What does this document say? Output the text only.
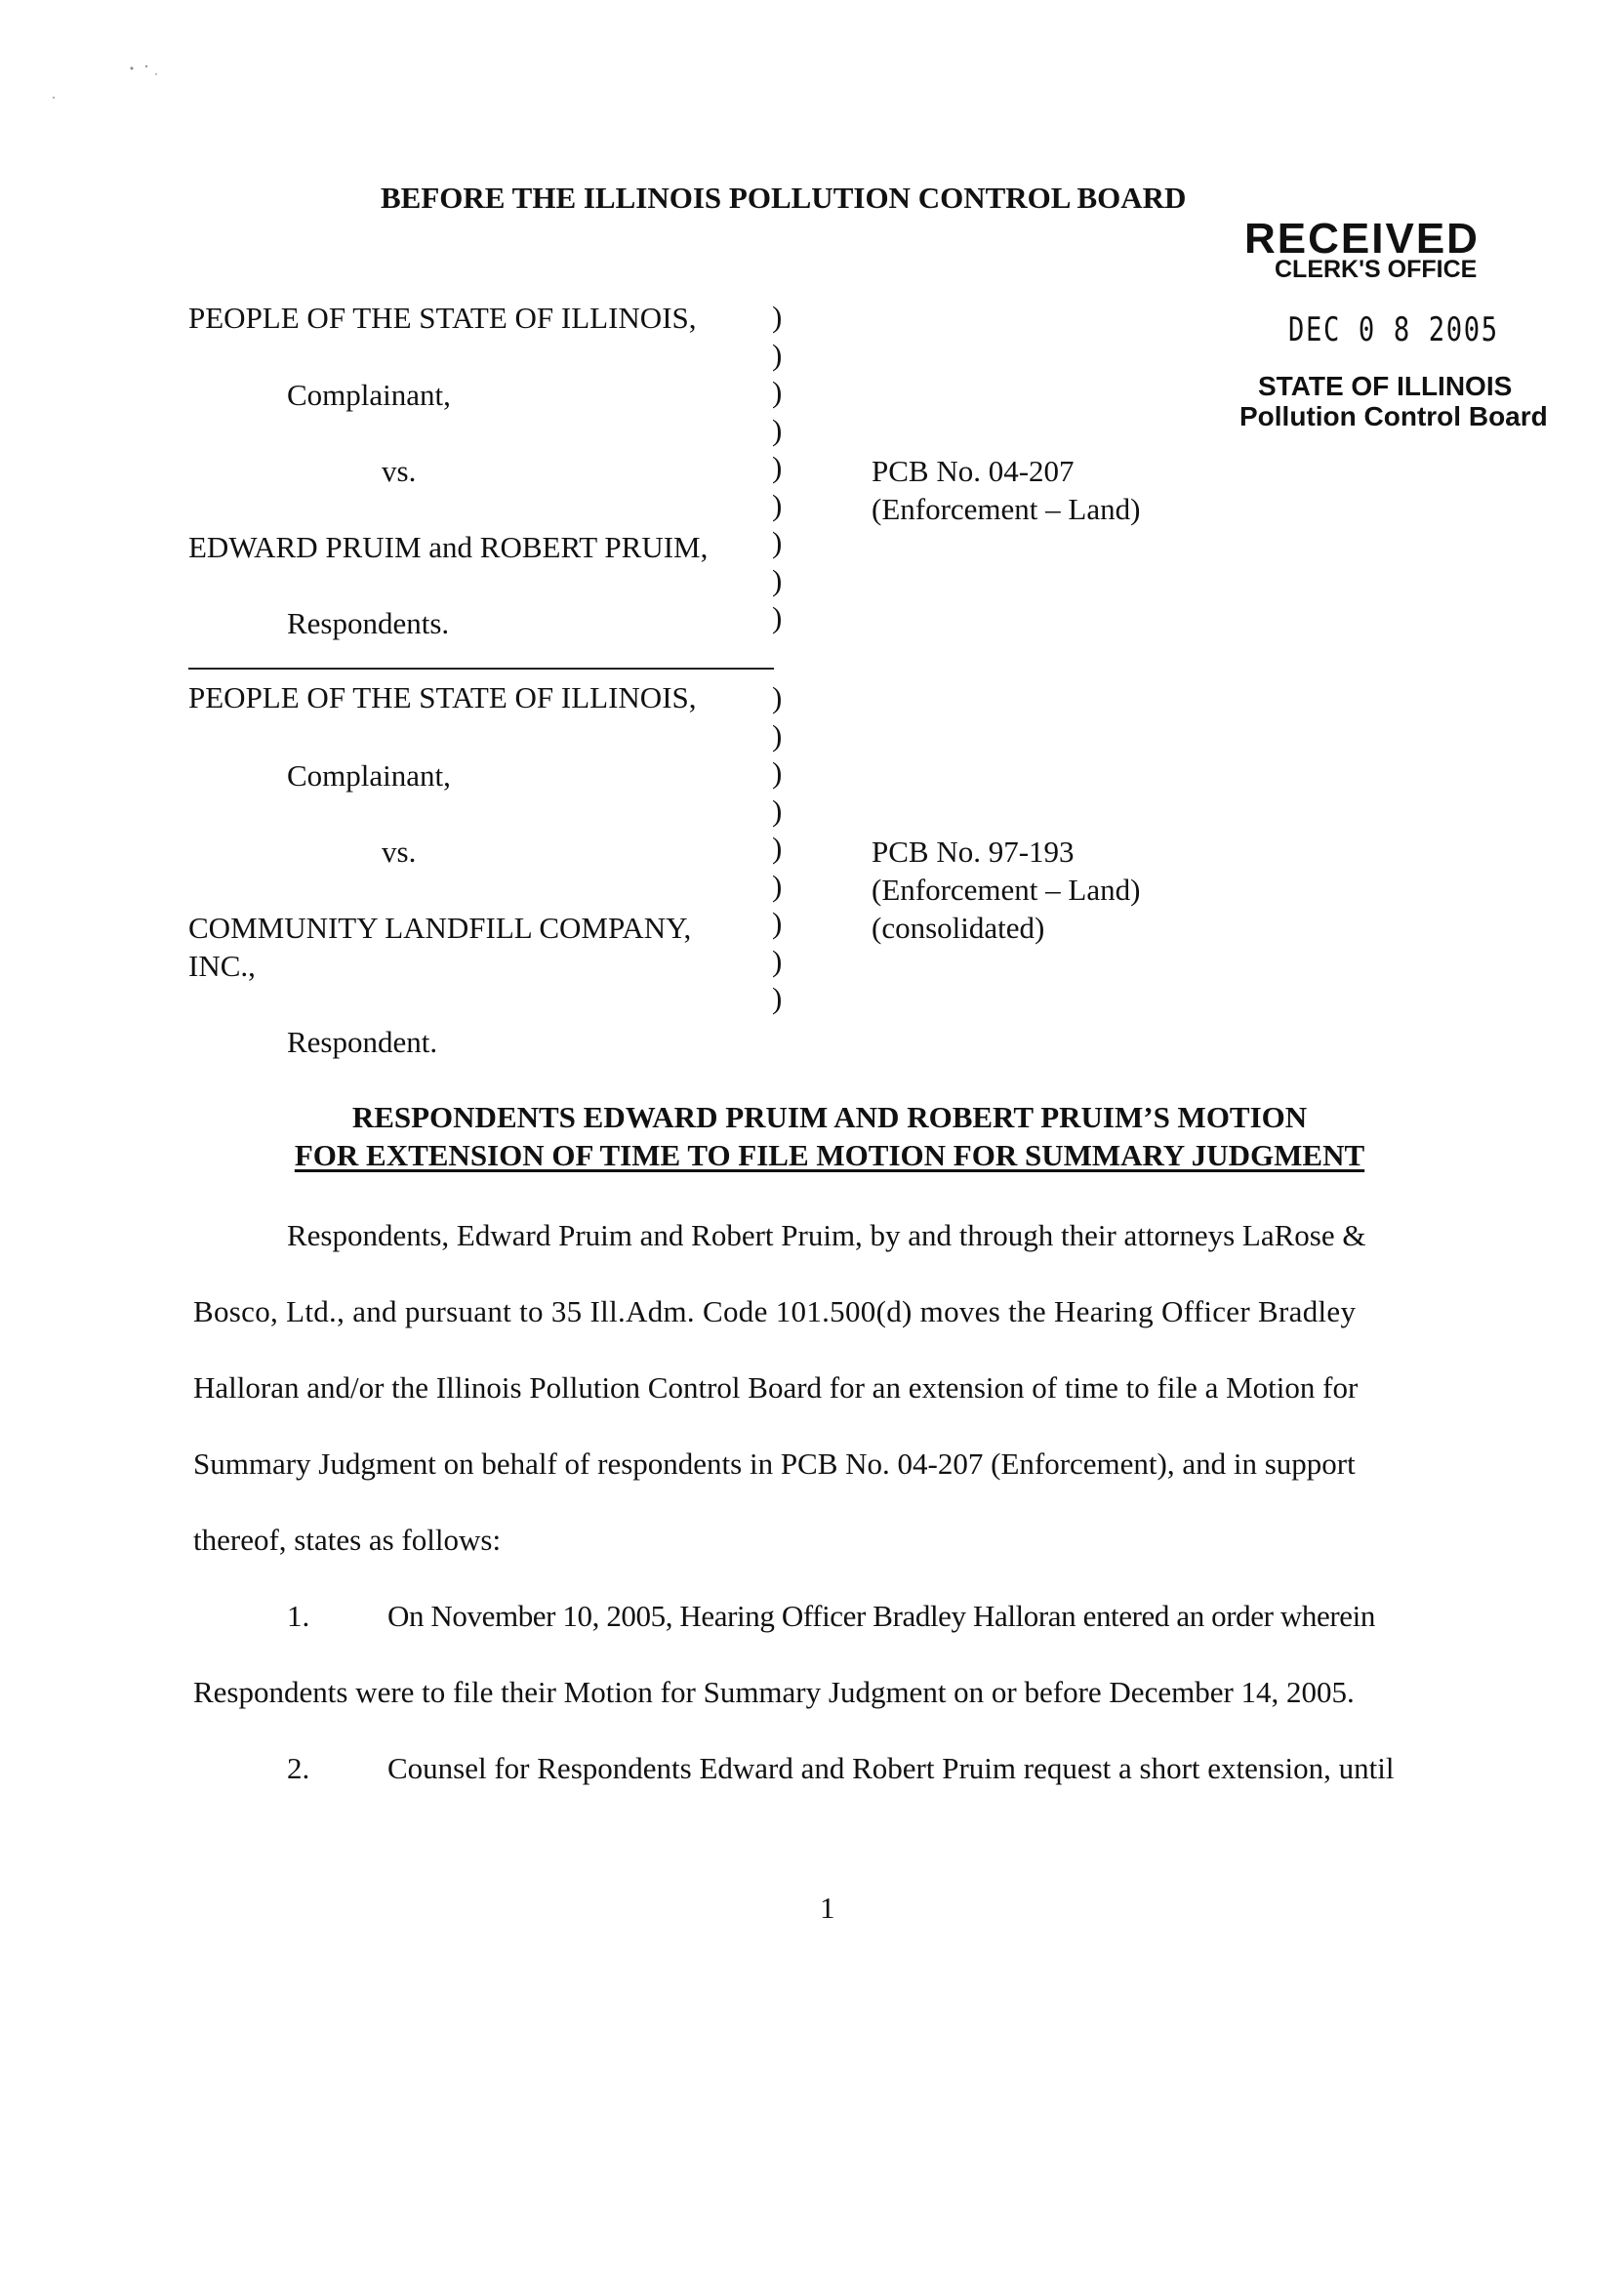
BEFORE THE ILLINOIS POLLUTION CONTROL BOARD
RECEIVED
CLERK'S OFFICE
DEC 0 8 2005
STATE OF ILLINOIS
Pollution Control Board
PEOPLE OF THE STATE OF ILLINOIS,
Complainant,
vs.
EDWARD PRUIM and ROBERT PRUIM,
Respondents.
PCB No. 04-207
(Enforcement – Land)
)
)
)
)
)
)
)
)
)
PEOPLE OF THE STATE OF ILLINOIS,
Complainant,
vs.
COMMUNITY LANDFILL COMPANY,
INC.,
Respondent.
PCB No. 97-193
(Enforcement – Land)
(consolidated)
)
)
)
)
)
)
)
)
)
RESPONDENTS EDWARD PRUIM AND ROBERT PRUIM’S MOTION
FOR EXTENSION OF TIME TO FILE MOTION FOR SUMMARY JUDGMENT
Respondents, Edward Pruim and Robert Pruim, by and through their attorneys LaRose &
Bosco, Ltd., and pursuant to 35 Ill.Adm. Code 101.500(d) moves the Hearing Officer Bradley
Halloran and/or the Illinois Pollution Control Board for an extension of time to file a Motion for
Summary Judgment on behalf of respondents in PCB No. 04-207 (Enforcement), and in support
thereof, states as follows:
1.	On November 10, 2005, Hearing Officer Bradley Halloran entered an order wherein
Respondents were to file their Motion for Summary Judgment on or before December 14, 2005.
2.	Counsel for Respondents Edward and Robert Pruim request a short extension, until
1
